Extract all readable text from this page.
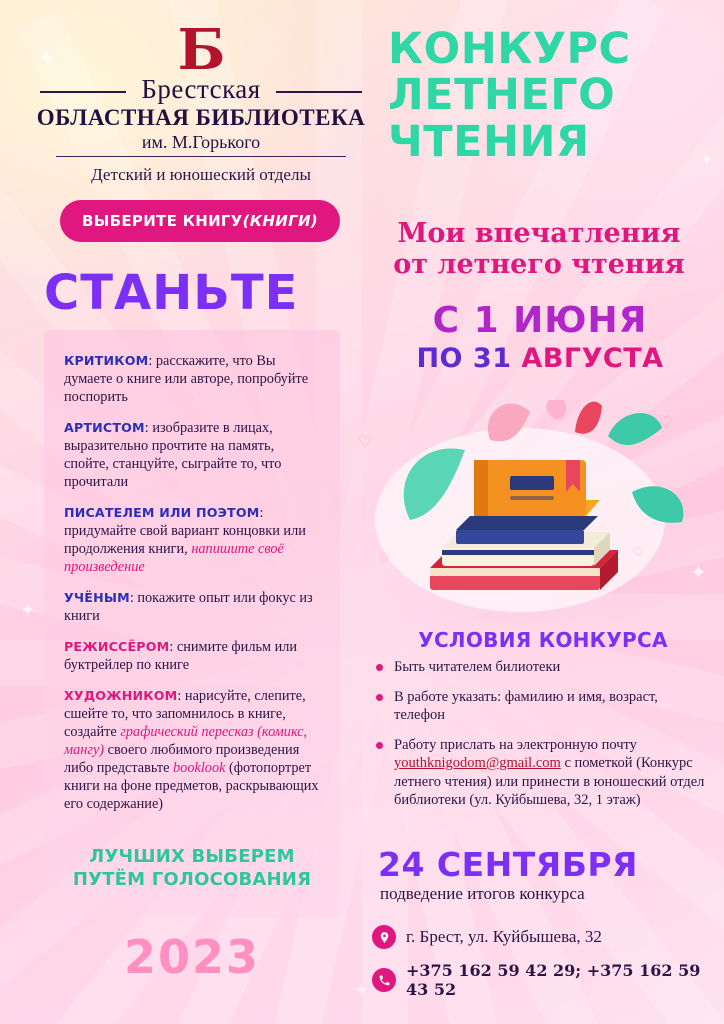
✦
✦
✦
✦
✦
Б
Брестская
ОБЛАСТНАЯ БИБЛИОТЕКА
им. М.Горького
Детский и юношеский отделы
КОНКУРС ЛЕТНЕГО ЧТЕНИЯ
Мои впечатления
от летнего чтения
С 1 ИЮНЯ
ПО 31 АВГУСТА
ВЫБЕРИТЕ КНИГУ (КНИГИ)
СТАНЬТЕ
КРИТИКОМ: расскажите, что Вы думаете о книге или авторе, попробуйте поспорить
АРТИСТОМ: изобразите в лицах, выразительно прочтите на память, спойте, станцуйте, сыграйте то, что прочитали
ПИСАТЕЛЕМ ИЛИ ПОЭТОМ: придумайте свой вариант концовки или продолжения книги, напишите своё произведение
УЧЁНЫМ: покажите опыт или фокус из книги
РЕЖИССЁРОМ: снимите фильм или буктрейлер по книге
ХУДОЖНИКОМ: нарисуйте, слепите, сшейте то, что запомнилось в книге, создайте графический пересказ (комикс, мангу) своего любимого произведения либо представьте booklook (фотопортрет книги на фоне предметов, раскрывающих его содержание)
ЛУЧШИХ ВЫБЕРЕМ
ПУТЁМ ГОЛОСОВАНИЯ
2023
♡
♡
♡
♡
УСЛОВИЯ КОНКУРСА
Быть читателем билиотеки
В работе указать: фамилию и имя, возраст, телефон
Работу прислать на электронную почту youthknigodom@gmail.com с пометкой (Конкурс летнего чтения) или принести в юношеский отдел библиотеки (ул. Куйбышева, 32, 1 этаж)
24 СЕНТЯБРЯ
подведение итогов конкурса
г. Брест, ул. Куйбышева, 32
+375 162 59 42 29; +375 162 59 43 52
